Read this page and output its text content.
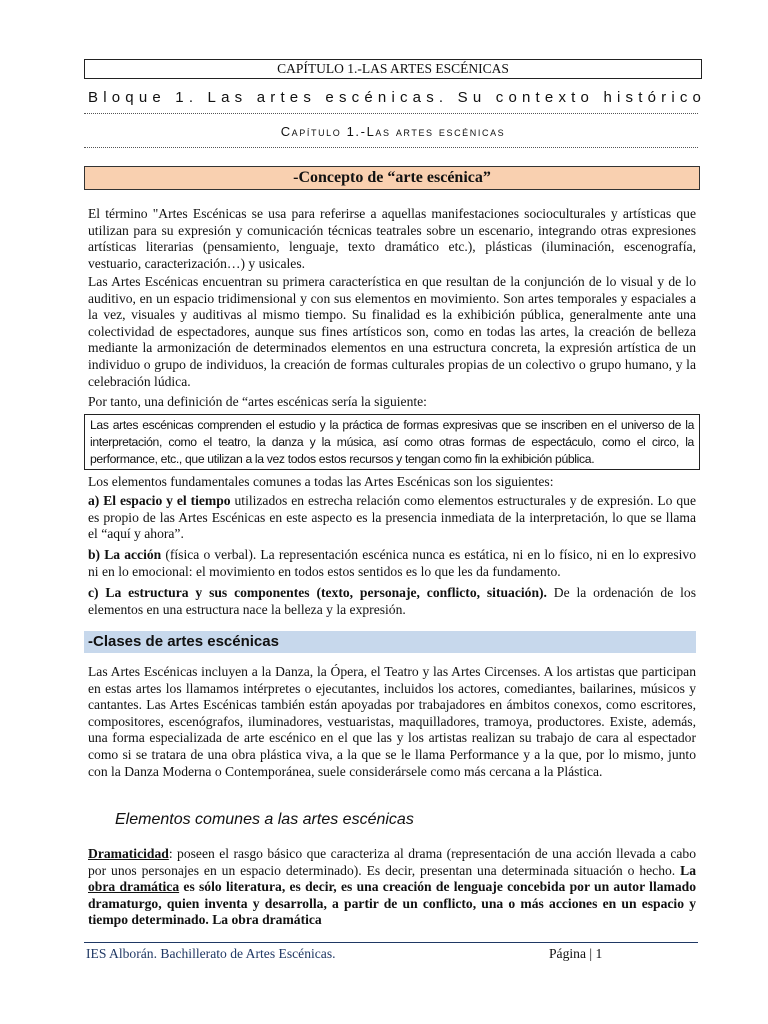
CAPÍTULO 1.-LAS ARTES ESCÉNICAS
Bloque 1. Las artes escénicas. Su contexto histórico
Capítulo 1.-Las artes escénicas
-Concepto de “arte escénica”
El término "Artes Escénicas se usa para referirse a aquellas manifestaciones socioculturales y artísticas que utilizan para su expresión y comunicación técnicas teatrales sobre un escenario, integrando otras expresiones artísticas literarias (pensamiento, lenguaje, texto dramático etc.), plásticas (iluminación, escenografía, vestuario, caracterización…) y usicales.
Las Artes Escénicas encuentran su primera característica en que resultan de la conjunción de lo visual y de lo auditivo, en un espacio tridimensional y con sus elementos en movimiento. Son artes temporales y espaciales a la vez, visuales y auditivas al mismo tiempo. Su finalidad es la exhibición pública, generalmente ante una colectividad de espectadores, aunque sus fines artísticos son, como en todas las artes, la creación de belleza mediante la armonización de determinados elementos en una estructura concreta, la expresión artística de un individuo o grupo de individuos, la creación de formas culturales propias de un colectivo o grupo humano, y la celebración lúdica.
Por tanto, una definición de “artes escénicas sería la siguiente:
Las artes escénicas comprenden el estudio y la práctica de formas expresivas que se inscriben en el universo de la interpretación, como el teatro, la danza y la música, así como otras formas de espectáculo, como el circo, la performance, etc., que utilizan a la vez todos estos recursos y tengan como fin la exhibición pública.
Los elementos fundamentales comunes a todas las Artes Escénicas son los siguientes:
a) El espacio y el tiempo utilizados en estrecha relación como elementos estructurales y de expresión. Lo que es propio de las Artes Escénicas en este aspecto es la presencia inmediata de la interpretación, lo que se llama el “aquí y ahora”.
b) La acción (física o verbal). La representación escénica nunca es estática, ni en lo físico, ni en lo expresivo ni en lo emocional: el movimiento en todos estos sentidos es lo que les da fundamento.
c) La estructura y sus componentes (texto, personaje, conflicto, situación). De la ordenación de los elementos en una estructura nace la belleza y la expresión.
-Clases de artes escénicas
Las Artes Escénicas incluyen a la Danza, la Ópera, el Teatro y las Artes Circenses. A los artistas que participan en estas artes los llamamos intérpretes o ejecutantes, incluidos los actores, comediantes, bailarines, músicos y cantantes. Las Artes Escénicas también están apoyadas por trabajadores en ámbitos conexos, como escritores, compositores, escenógrafos, iluminadores, vestuaristas, maquilladores, tramoya, productores. Existe, además, una forma especializada de arte escénico en el que las y los artistas realizan su trabajo de cara al espectador como si se tratara de una obra plástica viva, a la que se le llama Performance y a la que, por lo mismo, junto con la Danza Moderna o Contemporánea, suele considerársele como más cercana a la Plástica.
Elementos comunes a las artes escénicas
Dramaticidad: poseen el rasgo básico que caracteriza al drama (representación de una acción llevada a cabo por unos personajes en un espacio determinado). Es decir, presentan una determinada situación o hecho. La obra dramática es sólo literatura, es decir, es una creación de lenguaje concebida por un autor llamado dramaturgo, quien inventa y desarrolla, a partir de un conflicto, una o más acciones en un espacio y tiempo determinado. La obra dramática
IES Alborán. Bachillerato de Artes Escénicas.	Página | 1
